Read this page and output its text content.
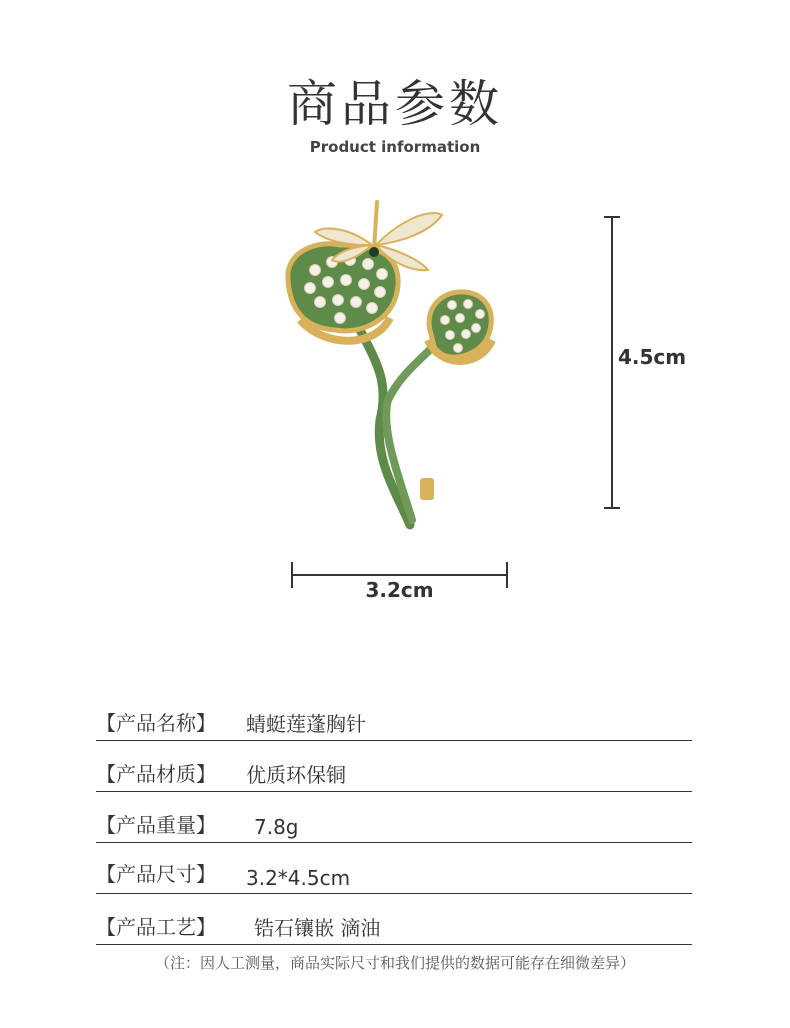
商品参数
Product information
4.5cm
3.2cm
【产品名称】 蜻蜓莲蓬胸针
【产品材质】 优质环保铜
【产品重量】 7.8g
【产品尺寸】 3.2*4.5cm
【产品工艺】 锆石镶嵌 滴油
（注：因人工测量，商品实际尺寸和我们提供的数据可能存在细微差异）
